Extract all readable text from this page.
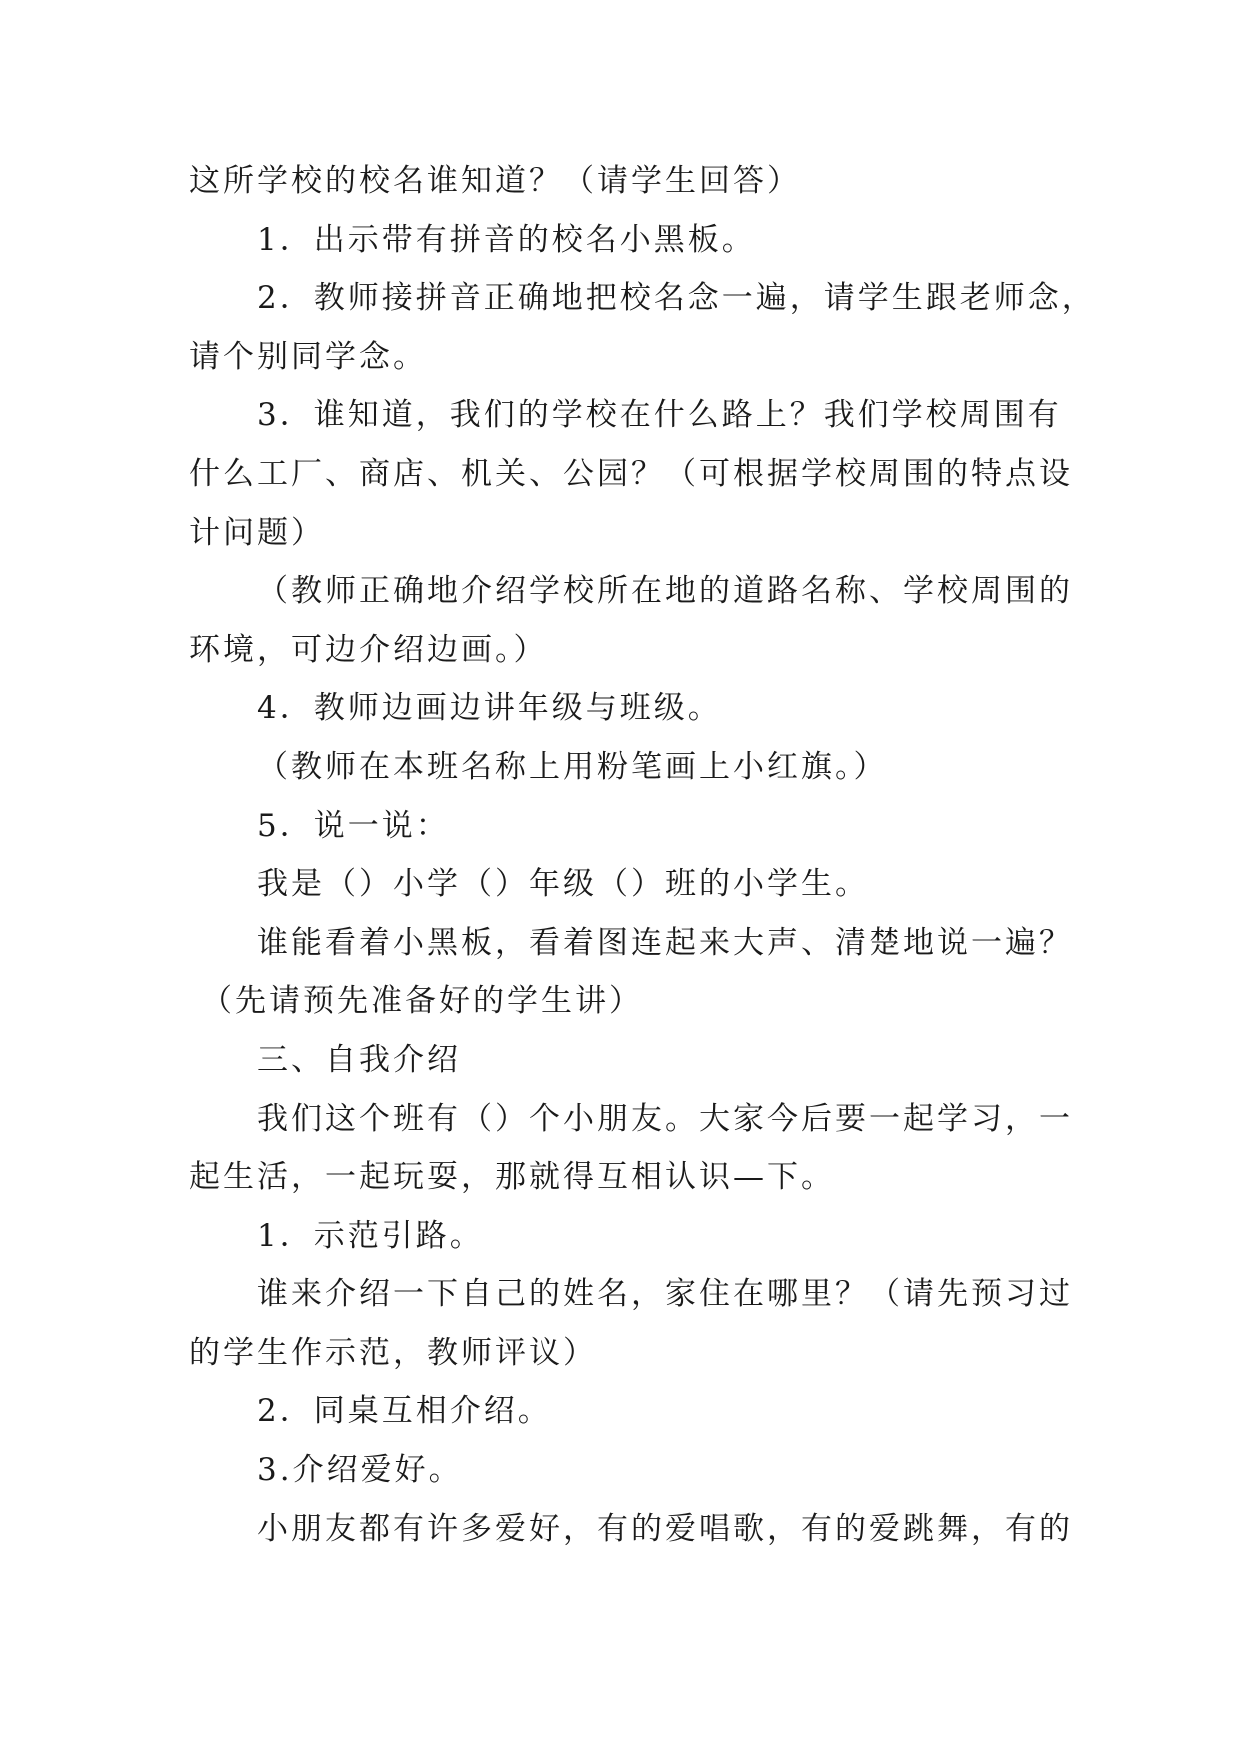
这所学校的校名谁知道？（请学生回答）
1．出示带有拼音的校名小黑板。
2．教师接拼音正确地把校名念一遍，请学生跟老师念，
请个别同学念。
3．谁知道，我们的学校在什么路上？我们学校周围有
什么工厂、商店、机关、公园？（可根据学校周围的特点设
计问题）
（教师正确地介绍学校所在地的道路名称、学校周围的
环境，可边介绍边画。）
4．教师边画边讲年级与班级。
（教师在本班名称上用粉笔画上小红旗。）
5．说一说：
我是（）小学（）年级（）班的小学生。
谁能看着小黑板，看着图连起来大声、清楚地说一遍？
（先请预先准备好的学生讲）
三、自我介绍
我们这个班有（）个小朋友。大家今后要一起学习，一
起生活，一起玩耍，那就得互相认识—下。
1．示范引路。
谁来介绍一下自己的姓名，家住在哪里？（请先预习过
的学生作示范，教师评议）
2．同桌互相介绍。
3.介绍爱好。
小朋友都有许多爱好，有的爱唱歌，有的爱跳舞，有的
